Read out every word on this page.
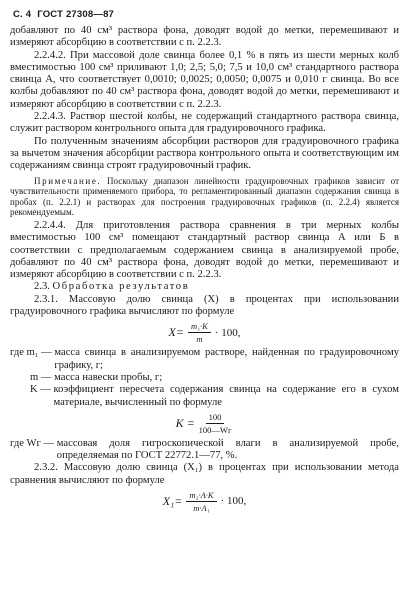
С. 4 ГОСТ 27308—87

добавляют по 40 см³ раствора фона, доводят водой до метки, перемешивают и измеряют абсорбцию в соответствии с п. 2.2.3.

2.2.4.2. При массовой доле свинца более 0,1 % в пять из шести мерных колб вместимостью 100 см³ приливают 1,0; 2,5; 5,0; 7,5 и 10,0 см³ стандартного раствора свинца А, что соответствует 0,0010; 0,0025; 0,0050; 0,0075 и 0,010 г свинца. Во все колбы добавляют по 40 см³ раствора фона, доводят водой до метки, перемешивают и измеряют абсорбцию в соответствии с п. 2.2.3.

2.2.4.3. Раствор шестой колбы, не содержащий стандартного раствора свинца, служит раствором контрольного опыта для градуировочного графика.

По полученным значениям абсорбции растворов для градуировочного графика за вычетом значения абсорбции раствора контрольного опыта и соответствующим им содержаниям свинца строят градуировочный график.

Примечание. Поскольку диапазон линейности градуировочных графиков зависит от чувствительности применяемого прибора, то регламентированный диапазон содержания свинца в пробах (п. 2.2.1) и растворах для построения градуировочных графиков (п. 2.2.4) является рекомендуемым.

2.2.4.4. Для приготовления раствора сравнения в три мерных колбы вместимостью 100 см³ помещают стандартный раствор свинца А или Б в соответствии с предполагаемым содержанием свинца в анализируемой пробе, добавляют по 40 см³ раствора фона, доводят водой до метки, перемешивают и измеряют абсорбцию в соответствии с п. 2.2.3.

2.3. Обработка результатов

2.3.1. Массовую долю свинца (X) в процентах при использовании градуировочного графика вычисляют по формуле

$X= \frac{\text{m₁·K}}{m} \cdot 100$,
где m₁ — масса свинца в анализируемом растворе, найденная по градуировочному графику, г;
m — масса навески пробы, г;
K — коэффициент пересчета содержания свинца на содержание его в сухом материале, вычисленный по формуле
$K = \frac{100}{100—Wг}$
где Wг — массовая доля гигроскопической влаги в анализируемой пробе, определяемая по ГОСТ 22772.1—77, %.

2.3.2. Массовую долю свинца (X₁) в процентах при использовании метода сравнения вычисляют по формуле

$X_1= \frac{\text{m₂·A·K}}{\text{m·A₁}} \cdot 100$,
